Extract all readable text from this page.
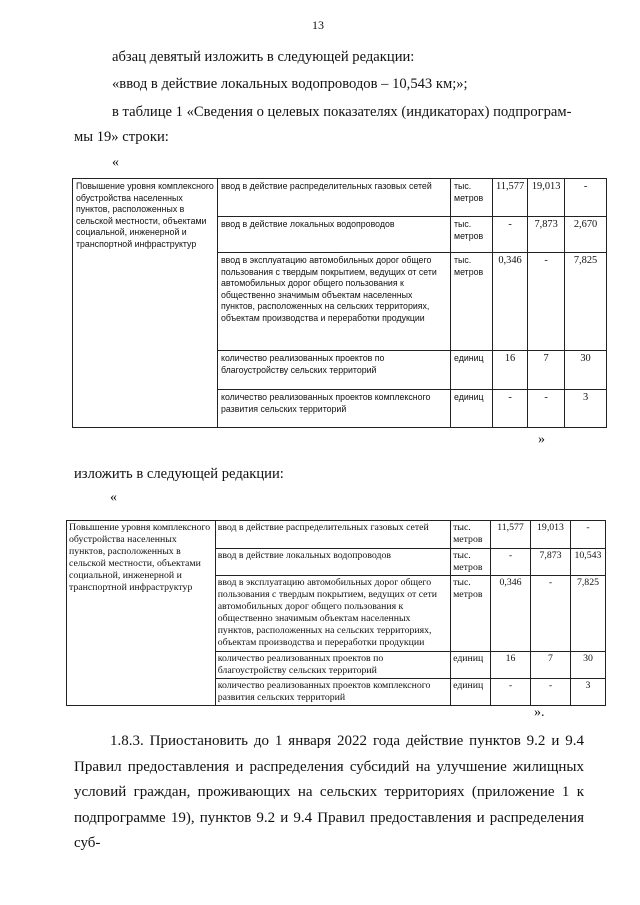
13
абзац девятый изложить в следующей редакции:
«ввод в действие локальных водопроводов – 10,543 км;»;
в таблице 1 «Сведения о целевых показателях (индикаторах) подпрограм-
мы 19» строки:
«
Повышение уровня комплексного обустройства населенных пунктов, расположенных в сельской местности, объектами социальной, инженерной и транспортной инфраструктур	ввод в действие распределительных газовых сетей	тыс. метров	11,577	19,013	-
	ввод в действие локальных водопроводов	тыс. метров	-	7,873	2,670
	ввод в эксплуатацию автомобильных дорог общего пользования с твердым покрытием, ведущих от сети автомобильных дорог общего пользования к общественно значимым объектам населенных пунктов, расположенных на сельских территориях, объектам производства и переработки продукции	тыс. метров	0,346	-	7,825
	количество реализованных проектов по благоустройству сельских территорий	единиц	16	7	30
	количество реализованных проектов комплексного развития сельских территорий	единиц	-	-	3
»
изложить в следующей редакции:
«
Повышение уровня комплексного обустройства населенных пунктов, расположенных в сельской местности, объектами социальной, инженерной и транспортной инфраструктур	ввод в действие распределительных газовых сетей	тыс. метров	11,577	19,013	-
	ввод в действие локальных водопроводов	тыс. метров	-	7,873	10,543
	ввод в эксплуатацию автомобильных дорог общего пользования с твердым покрытием, ведущих от сети автомобильных дорог общего пользования к общественно значимым объектам населенных пунктов, расположенных на сельских территориях, объектам производства и переработки продукции	тыс. метров	0,346	-	7,825
	количество реализованных проектов по благоустройству сельских территорий	единиц	16	7	30
	количество реализованных проектов комплексного развития сельских территорий	единиц	-	-	3
».
1.8.3. Приостановить до 1 января 2022 года действие пунктов 9.2 и 9.4 Правил предоставления и распределения субсидий на улучшение жилищных условий граждан, проживающих на сельских территориях (приложение 1 к подпрограмме 19), пунктов 9.2 и 9.4 Правил предоставления и распределения суб-
